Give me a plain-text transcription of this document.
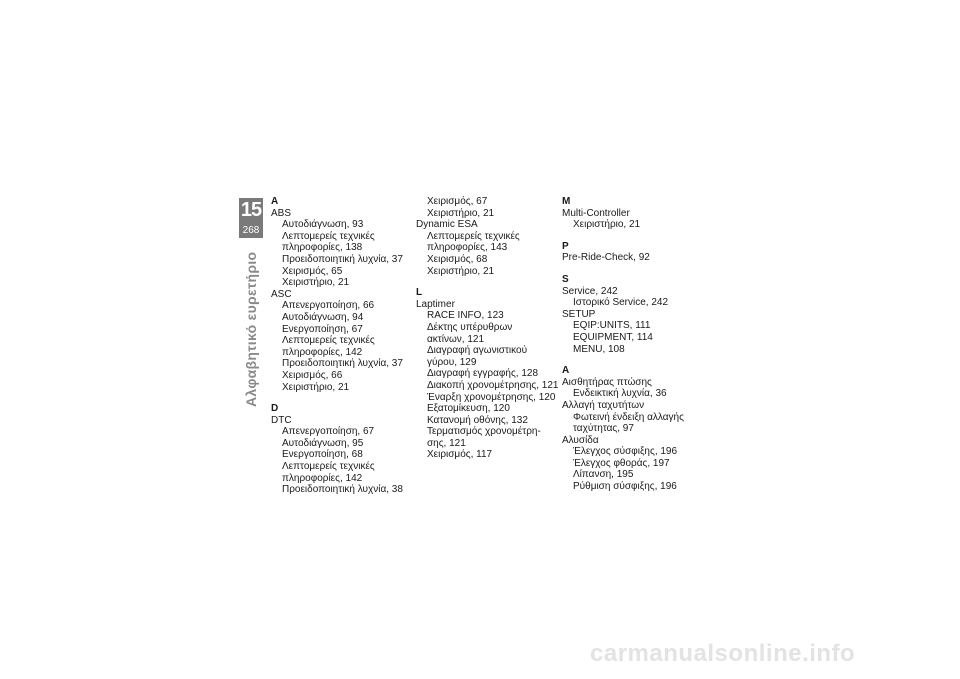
15
268
Αλφαβητικό ευρετήριο
A
ABS
Αυτοδιάγνωση, 93
Λεπτομερείς τεχνικές
πληροφορίες, 138
Προειδοποιητική λυχνία, 37
Χειρισμός, 65
Χειριστήριο, 21
ASC
Απενεργοποίηση, 66
Αυτοδιάγνωση, 94
Ενεργοποίηση, 67
Λεπτομερείς τεχνικές
πληροφορίες, 142
Προειδοποιητική λυχνία, 37
Χειρισμός, 66
Χειριστήριο, 21
D
DTC
Απενεργοποίηση, 67
Αυτοδιάγνωση, 95
Ενεργοποίηση, 68
Λεπτομερείς τεχνικές
πληροφορίες, 142
Προειδοποιητική λυχνία, 38
Χειρισμός, 67
Χειριστήριο, 21
Dynamic ESA
Λεπτομερείς τεχνικές
πληροφορίες, 143
Χειρισμός, 68
Χειριστήριο, 21
L
Laptimer
RACE INFO, 123
Δέκτης υπέρυθρων
ακτίνων, 121
Διαγραφή αγωνιστικού
γύρου, 129
Διαγραφή εγγραφής, 128
Διακοπή χρονομέτρησης, 121
Έναρξη χρονομέτρησης, 120
Εξατομίκευση, 120
Κατανομή οθόνης, 132
Τερματισμός χρονομέτρη-
σης, 121
Χειρισμός, 117
M
Multi-Controller
Χειριστήριο, 21
P
Pre-Ride-Check, 92
S
Service, 242
Ιστορικό Service, 242
SETUP
EQIP:UNITS, 111
EQUIPMENT, 114
MENU, 108
A
Αισθητήρας πτώσης
Ενδεικτική λυχνία, 36
Αλλαγή ταχυτήτων
Φωτεινή ένδειξη αλλαγής
ταχύτητας, 97
Αλυσίδα
Έλεγχος σύσφιξης, 196
Έλεγχος φθοράς, 197
Λίπανση, 195
Ρύθμιση σύσφιξης, 196
carmanualsonline.info
